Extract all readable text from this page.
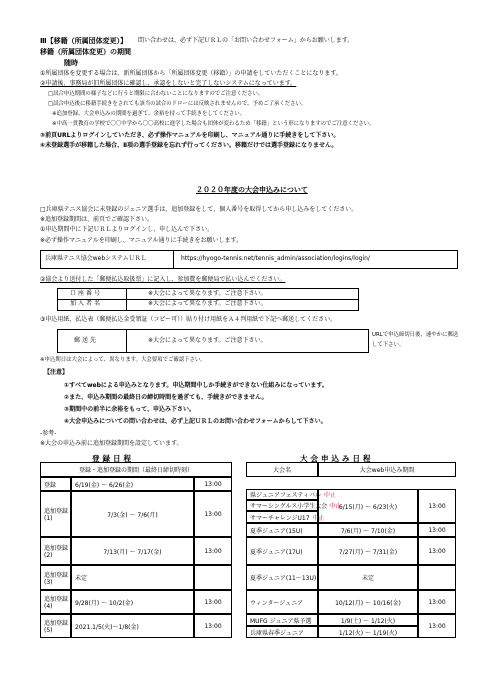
Ⅲ【移籍（所属団体変更）】 問い合わせは、必ず下記ＵＲＬの「お問い合わせフォーム」からお願いします。
移籍（所属団体変更）の期間
随時
①所属団体を変更する場合は、新所属団体から「所属団体変更（移籍）」の申請をしていただくことになります。
②申請後、事務局が旧所属団体に確認し、承認をしないと完了しないシステムになっています。
□試合申込期間の様子などに行うと期限に合わないことになりますのでご注意ください。
□試合申込後に移籍手続きをされても該当の試合のドローには反映されませんので、予めご了承ください。
※追加登録、大会申込みの期間を過ぎて、余裕を持って手続きをしてください。
※中高一貫教育の学校で〇〇中学から〇〇高校に進学した場合も団体が変わるため「移籍」という形になりますのでご注意ください。
③前頁URLよりログインしていただき、必ず操作マニュアルを印刷し、マニュアル通りに手続きをして下さい。
④未登録選手が移籍した場合、Ⅱ項の選手登録を忘れず行ってください。移籍だけでは選手登録になりません。
２０２０年度の大会申込みについて
□兵庫県テニス協会に未登録のジュニア選手は、追加登録をして、個人番号を取得してから申し込みをしてください。
※追加登録期間は、前頁でご確認下さい。
①申込期間中に下記ＵＲＬよりログインし、申し込んで下さい。
※必ず操作マニュアルを印刷し、マニュアル通りに手続きをお願いします。
兵庫県テニス協会webシステムＵＲＬ	https://hyogo-tennis.net/tennis_admin/association/logins/login/
②協会より送付した「郵便払込取扱票」に記入し、参加費を郵便局で払い込んでください。
口座番号	※大会によって異なります。ご注意下さい。
加入者名	※大会によって異なります。ご注意下さい。
③申込用紙、払込表（郵便払込金受領証（コピー可））貼り付け用紙をＡ４判用紙で下記へ郵送してください。
郵送先	※大会によって異なります。ご注意下さい。
URLで申込締切日後、速やかに郵送
して下さい。
※申込期日は大会によって、異なります。大会要項でご確認下さい。
【注意】
①すべてwebによる申込みとなります。申込期間中しか手続きができない仕組みになっています。
②また、申込み期間の最終日の締切時間を過ぎても、手続きができません。
③期間中の前半に余裕をもって、申込み下さい。
④大会申込みについての問い合わせは、必ず上記ＵＲＬのお問い合わせフォームからして下さい。
-参考-
※大会の申込み前に追加登録期間を設定しています。
登録日程
登録・追加登録の期間（最終日締切時刻）
登録	6/19(金) ～ 6/26(金)	13:00
追加登録(1)	7/3(金) ～ 7/6(月)	13:00
追加登録(2)	7/13(月) ～ 7/17(金)	13:00
追加登録(3)	未定
追加登録(4)	9/28(月) ～ 10/2(金)	13:00
追加登録(5)	2021.1/5(火)～1/8(金)	13:00
大会申込み日程
大会名	大会web申込み期間
県ジュニアフェスティバル 中止
サマーシングルス小学生大会 中止
サマーチャレンジU17 中止
6/15(月) ～ 6/23(火)	13:00
夏季ジュニア(15U)	7/6(月) ～ 7/10(金)	13:00
夏季ジュニア(17U)	7/27(月) ～ 7/31(金)	13:00
夏季ジュニア(11～13U)	未定
ウィンタージュニア	10/12(月) ～ 10/16(金)	13:00
MUFG ジュニア県予選	1/9(土) ～ 1/12(火)
兵庫県春季ジュニア	1/12(火) ～ 1/19(火)
13:00
